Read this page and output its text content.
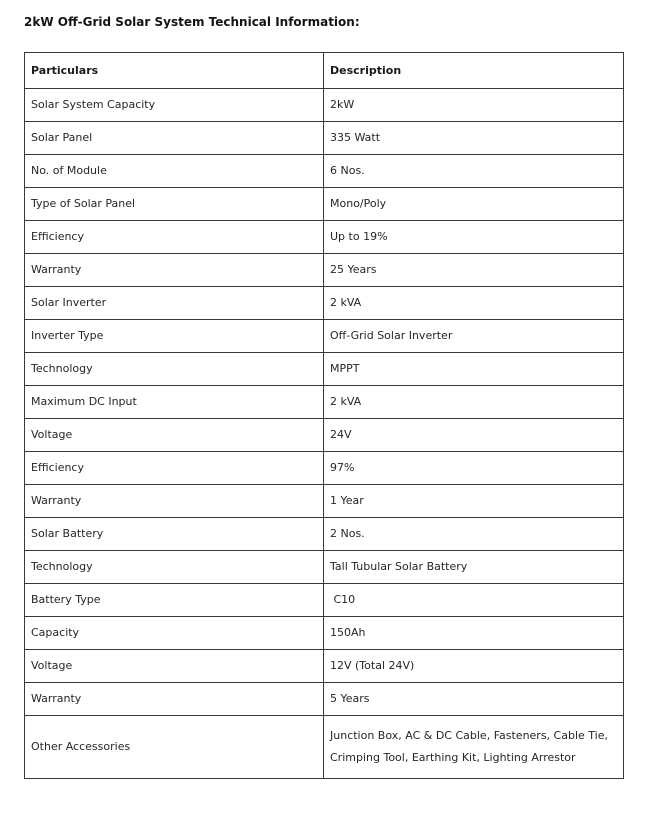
2kW Off-Grid Solar System Technical Information:
Particulars	Description
Solar System Capacity	2kW
Solar Panel	335 Watt
No. of Module	6 Nos.
Type of Solar Panel	Mono/Poly
Efficiency	Up to 19%
Warranty	25 Years
Solar Inverter	2 kVA
Inverter Type	Off-Grid Solar Inverter
Technology	MPPT
Maximum DC Input	2 kVA
Voltage	24V
Efficiency	97%
Warranty	1 Year
Solar Battery	2 Nos.
Technology	Tall Tubular Solar Battery
Battery Type	C10
Capacity	150Ah
Voltage	12V (Total 24V)
Warranty	5 Years
Other Accessories	Junction Box, AC & DC Cable, Fasteners, Cable Tie, Crimping Tool, Earthing Kit, Lighting Arrestor
